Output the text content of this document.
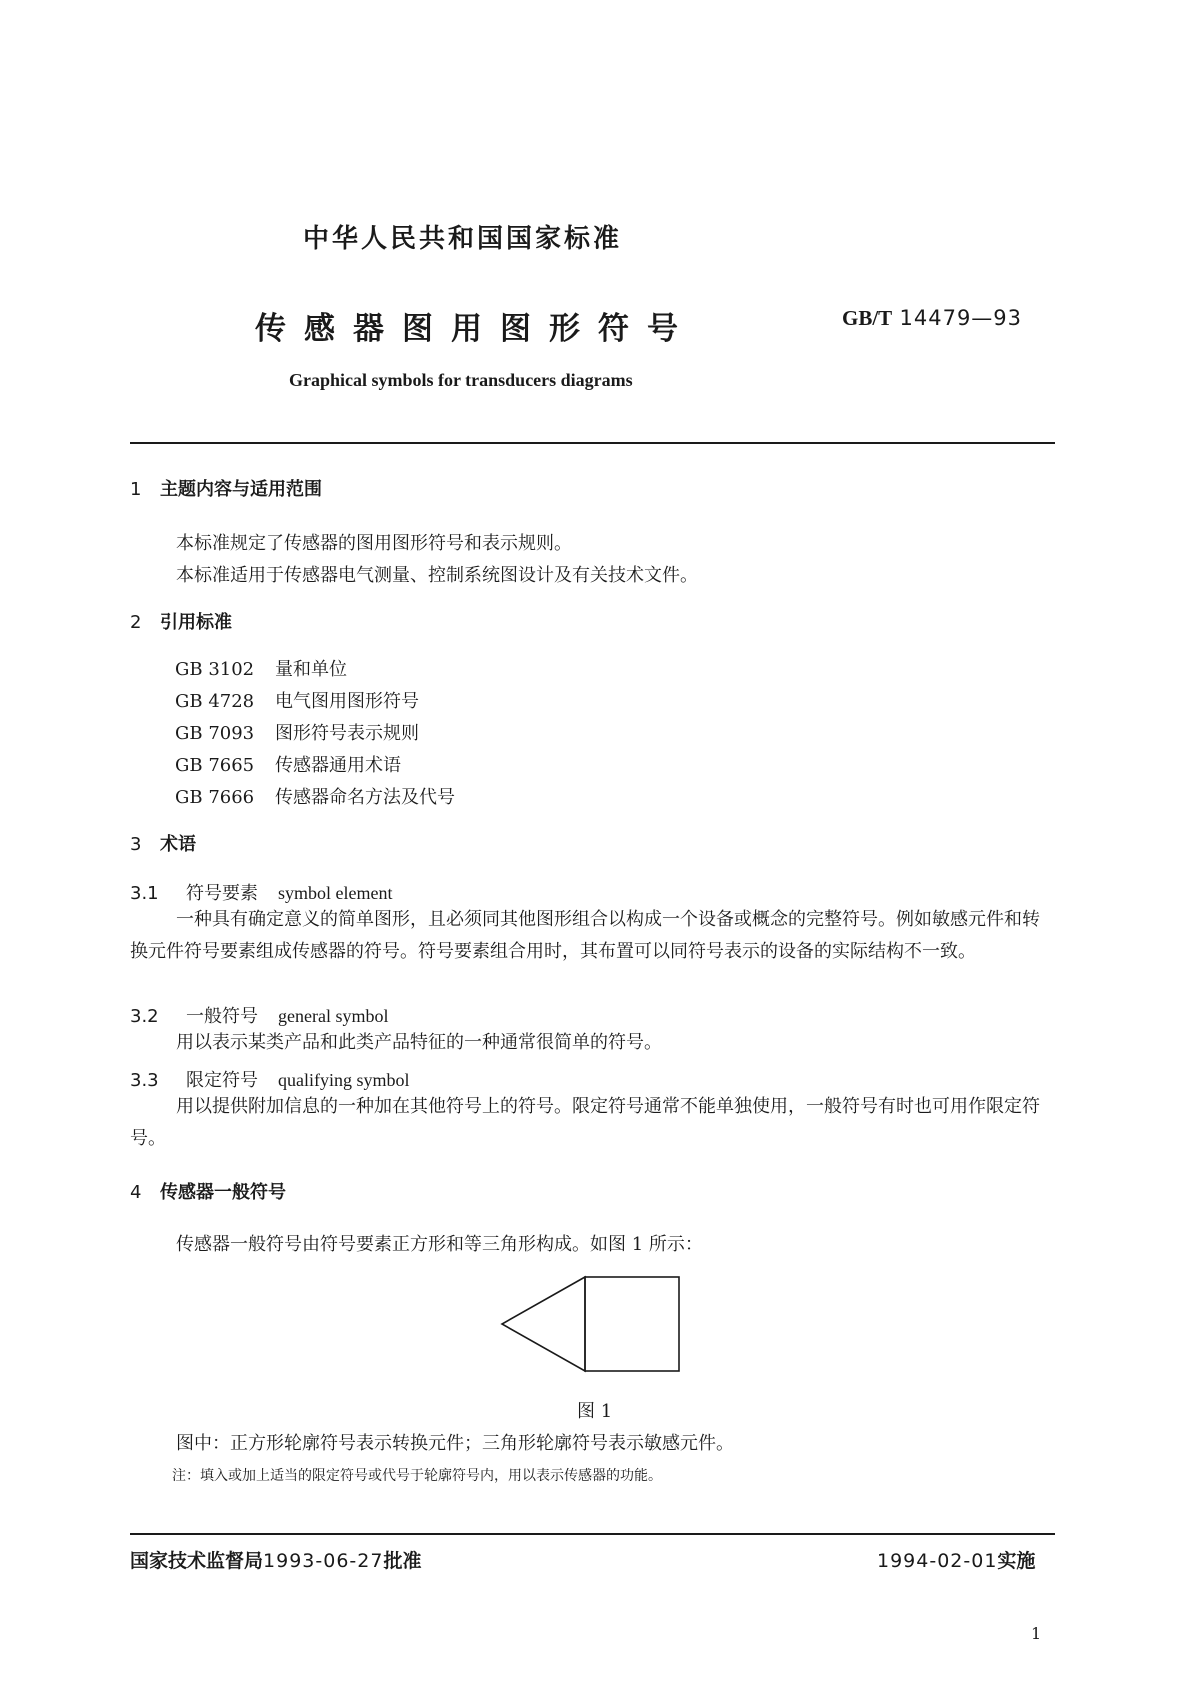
中华人民共和国国家标准
传感器图用图形符号	GB/T 14479—93
Graphical symbols for transducers diagrams
1 主题内容与适用范围
本标准规定了传感器的图用图形符号和表示规则。
本标准适用于传感器电气测量、控制系统图设计及有关技术文件。
2 引用标准
GB 3102 量和单位
GB 4728 电气图用图形符号
GB 7093 图形符号表示规则
GB 7665 传感器通用术语
GB 7666 传感器命名方法及代号
3 术语
3.1 符号要素 symbol element
一种具有确定意义的简单图形，且必须同其他图形组合以构成一个设备或概念的完整符号。例如敏感元件和转换元件符号要素组成传感器的符号。符号要素组合用时，其布置可以同符号表示的设备的实际结构不一致。
3.2 一般符号 general symbol
用以表示某类产品和此类产品特征的一种通常很简单的符号。
3.3 限定符号 qualifying symbol
用以提供附加信息的一种加在其他符号上的符号。限定符号通常不能单独使用，一般符号有时也可用作限定符号。
4 传感器一般符号
传感器一般符号由符号要素正方形和等三角形构成。如图 1 所示：
图 1
图中：正方形轮廓符号表示转换元件；三角形轮廓符号表示敏感元件。
注：填入或加上适当的限定符号或代号于轮廓符号内，用以表示传感器的功能。
国家技术监督局1993-06-27批准	1994-02-01实施
1
